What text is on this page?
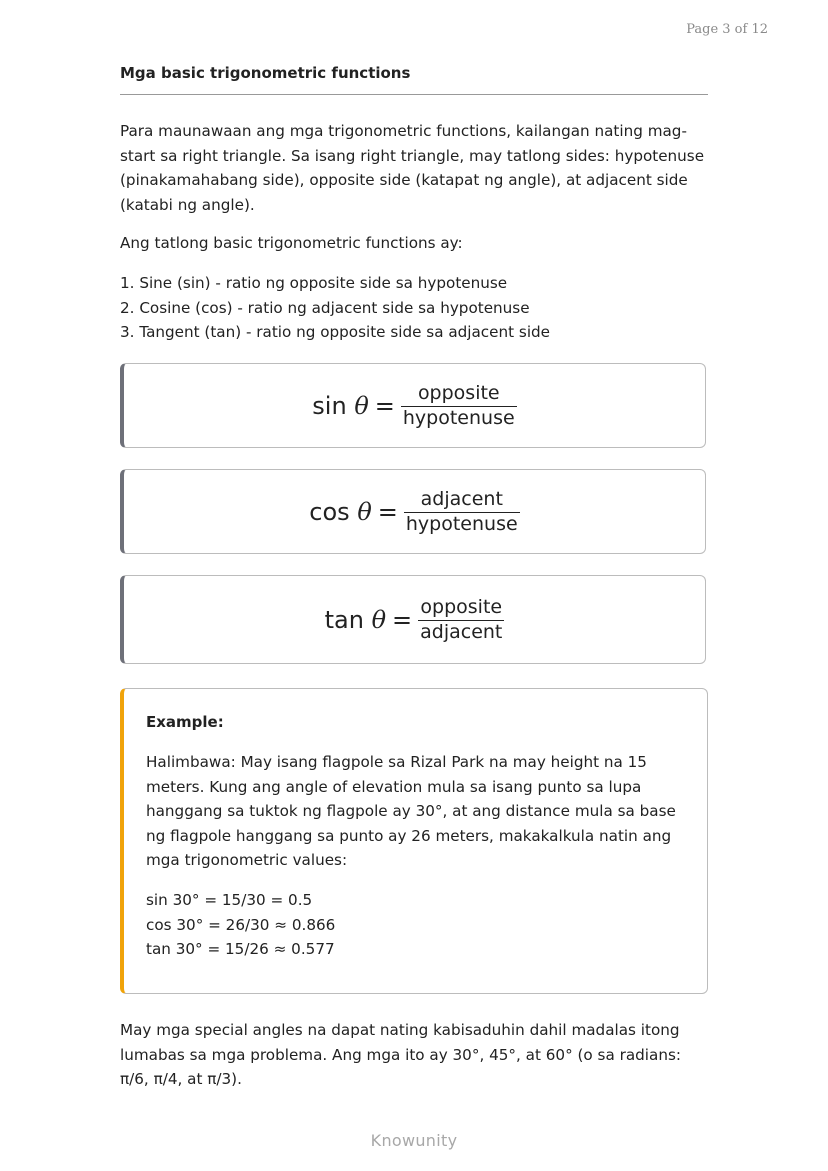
Page 3 of 12
Mga basic trigonometric functions

Para maunawaan ang mga trigonometric functions, kailangan nating mag-start sa right triangle. Sa isang right triangle, may tatlong sides: hypotenuse (pinakamahabang side), opposite side (katapat ng angle), at adjacent side (katabi ng angle).

Ang tatlong basic trigonometric functions ay:

1. Sine (sin) - ratio ng opposite side sa hypotenuse
2. Cosine (cos) - ratio ng adjacent side sa hypotenuse
3. Tangent (tan) - ratio ng opposite side sa adjacent side
$\sin \theta = \frac{\text{opposite}}{\text{hypotenuse}}$
$\cos \theta = \frac{\text{adjacent}}{\text{hypotenuse}}$
$\tan \theta = \frac{\text{opposite}}{\text{adjacent}}$
Example:

Halimbawa: May isang flagpole sa Rizal Park na may height na 15 meters. Kung ang angle of elevation mula sa isang punto sa lupa hanggang sa tuktok ng flagpole ay 30°, at ang distance mula sa base ng flagpole hanggang sa punto ay 26 meters, makakalkula natin ang mga trigonometric values:

sin 30° = 15/30 = 0.5
cos 30° = 26/30 ≈ 0.866
tan 30° = 15/26 ≈ 0.577

May mga special angles na dapat nating kabisaduhin dahil madalas itong lumabas sa mga problema. Ang mga ito ay 30°, 45°, at 60° (o sa radians: π/6, π/4, at π/3).

Knowunity
